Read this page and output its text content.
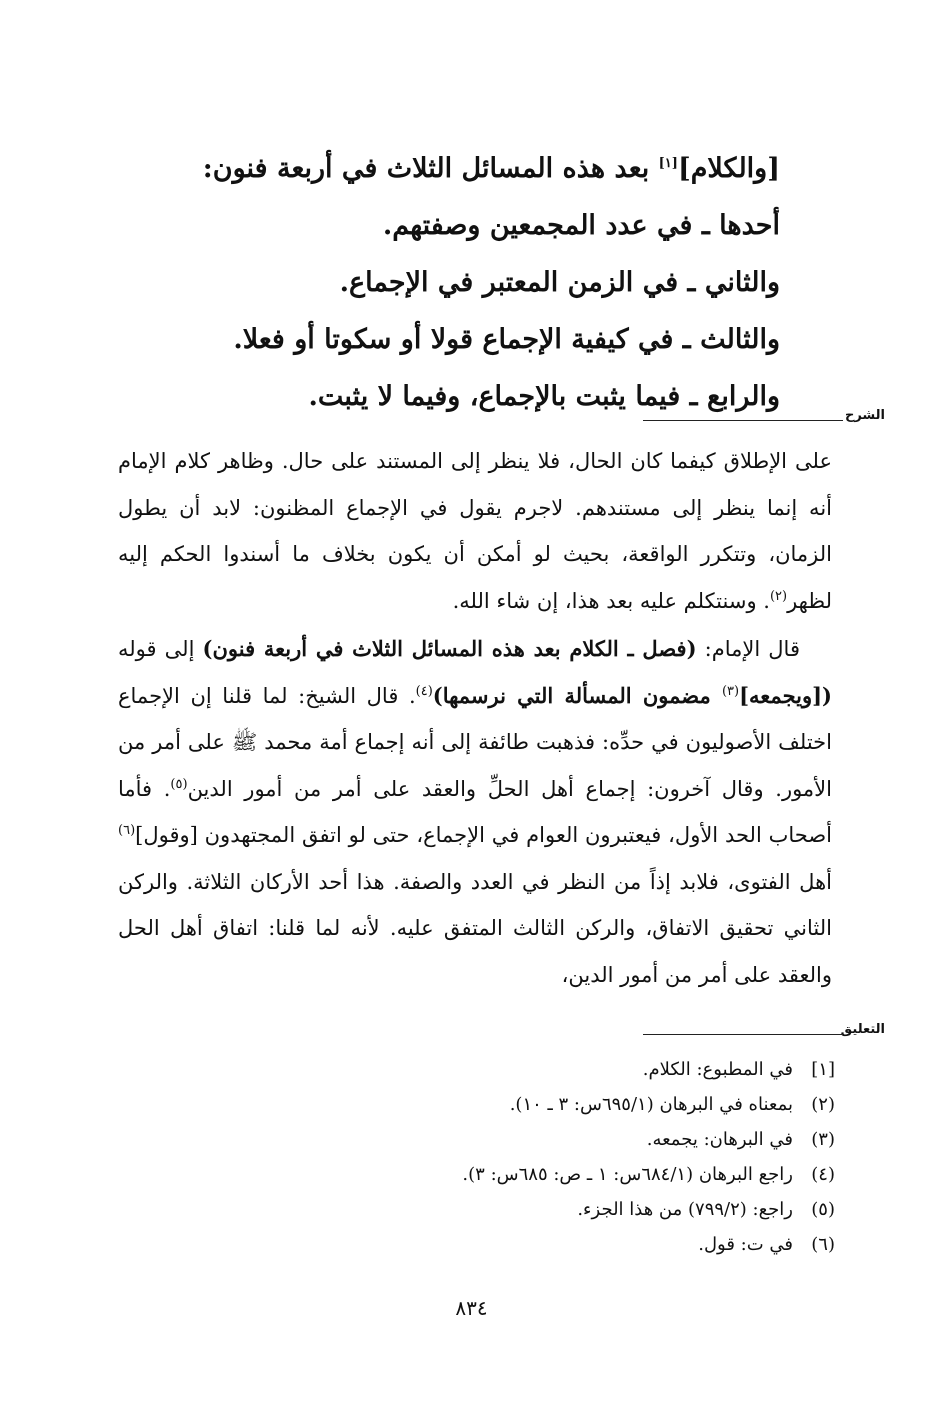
[والكلام][١] بعد هذه المسائل الثلاث في أربعة فنون:
أحدها ـ في عدد المجمعين وصفتهم.
والثاني ـ في الزمن المعتبر في الإجماع.
والثالث ـ في كيفية الإجماع قولا أو سكوتا أو فعلا.
والرابع ـ فيما يثبت بالإجماع، وفيما لا يثبت.
الشرح

على الإطلاق كيفما كان الحال، فلا ينظر إلى المستند على حال. وظاهر كلام الإمام أنه إنما ينظر إلى مستندهم. لاجرم يقول في الإجماع المظنون: لابد أن يطول الزمان، وتتكرر الواقعة، بحيث لو أمكن أن يكون بخلاف ما أسندوا الحكم إليه لظهر$^{(٢)}$. وسنتكلم عليه بعد هذا، إن شاء الله.

قال الإمام: (فصل ـ الكلام بعد هذه المسائل الثلاث في أربعة فنون) إلى قوله ([ويجمعه]$^{(٣)}$ مضمون المسألة التي نرسمها)$^{(٤)}$. قال الشيخ: لما قلنا إن الإجماع اختلف الأصوليون في حدِّه: فذهبت طائفة إلى أنه إجماع أمة محمد ﷺ على أمر من الأمور. وقال آخرون: إجماع أهل الحلِّ والعقد على أمر من أمور الدين$^{(٥)}$. فأما أصحاب الحد الأول، فيعتبرون العوام في الإجماع، حتى لو اتفق المجتهدون [وقول]$^{(٦)}$ أهل الفتوى، فلابد إذاً من النظر في العدد والصفة. هذا أحد الأركان الثلاثة. والركن الثاني تحقيق الاتفاق، والركن الثالث المتفق عليه. لأنه لما قلنا: اتفاق أهل الحل والعقد على أمر من أمور الدين،

التعليق
[١]
في المطبوع: الكلام.
(٢)
بمعناه في البرهان (٦٩٥/١س: ٣ ـ ١٠).
(٣)
في البرهان: يجمعه.
(٤)
راجع البرهان (٦٨٤/١س: ١ ـ ص: ٦٨٥س: ٣).
(٥)
راجع: (٧٩٩/٢) من هذا الجزء.
(٦)
في ت: قول.
٨٣٤
